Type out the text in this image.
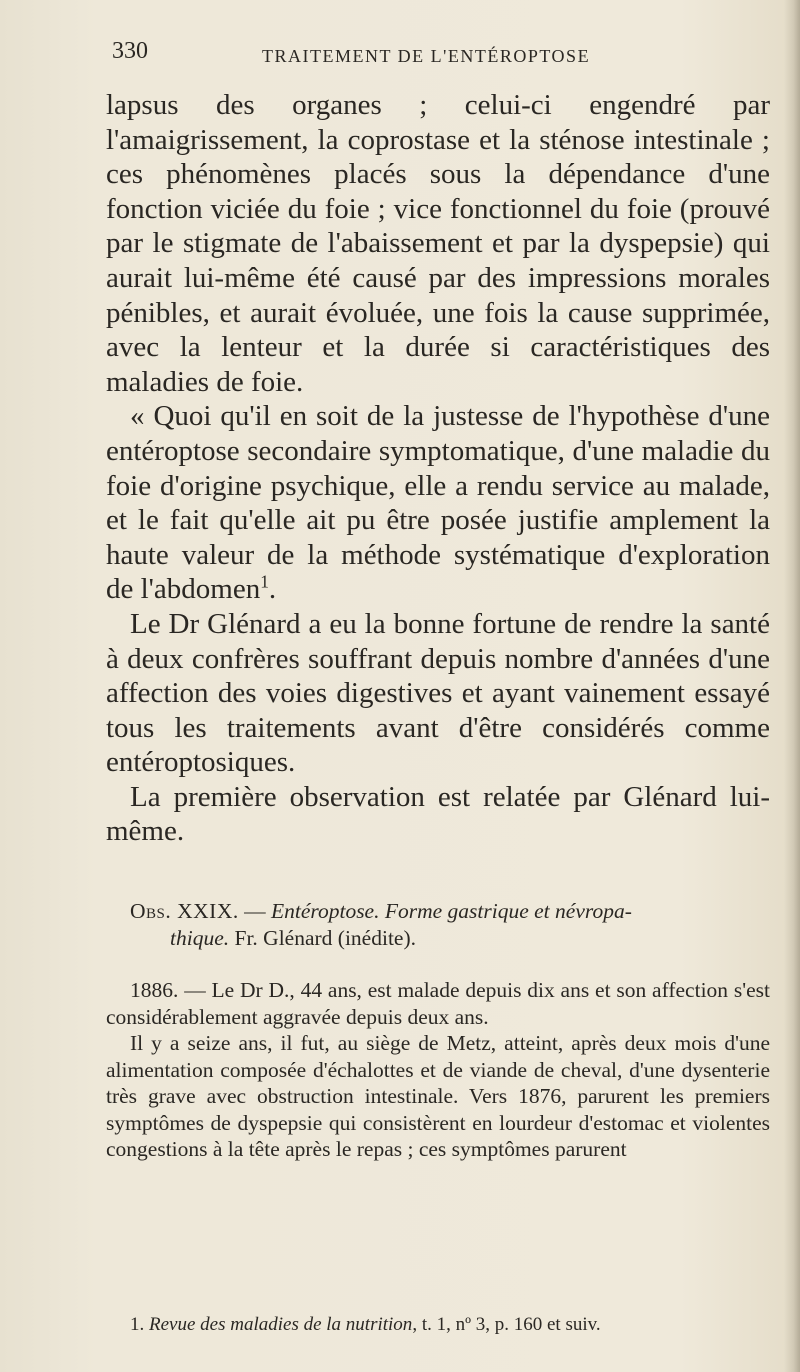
330	TRAITEMENT DE L'ENTÉROPTOSE

lapsus des organes ; celui-ci engendré par l'amaigrissement, la coprostase et la sténose intestinale ; ces phénomènes placés sous la dépendance d'une fonction viciée du foie ; vice fonctionnel du foie (prouvé par le stigmate de l'abaissement et par la dyspepsie) qui aurait lui-même été causé par des impressions morales pénibles, et aurait évoluée, une fois la cause supprimée, avec la lenteur et la durée si caractéristiques des maladies de foie.

« Quoi qu'il en soit de la justesse de l'hypothèse d'une entéroptose secondaire symptomatique, d'une maladie du foie d'origine psychique, elle a rendu service au malade, et le fait qu'elle ait pu être posée justifie amplement la haute valeur de la méthode systématique d'exploration de l'abdomen$^1$.

Le Dr Glénard a eu la bonne fortune de rendre la santé à deux confrères souffrant depuis nombre d'années d'une affection des voies digestives et ayant vainement essayé tous les traitements avant d'être considérés comme entéroptosiques.

La première observation est relatée par Glénard lui-même.

Obs. XXIX. — Entéroptose. Forme gastrique et névropa-

thique. Fr. Glénard (inédite).

1886. — Le Dr D., 44 ans, est malade depuis dix ans et son affection s'est considérablement aggravée depuis deux ans.

Il y a seize ans, il fut, au siège de Metz, atteint, après deux mois d'une alimentation composée d'échalottes et de viande de cheval, d'une dysenterie très grave avec obstruction intestinale. Vers 1876, parurent les premiers symptômes de dyspepsie qui consistèrent en lourdeur d'estomac et violentes congestions à la tête après le repas ; ces symptômes parurent

1. Revue des maladies de la nutrition, t. 1, nº 3, p. 160 et suiv.
